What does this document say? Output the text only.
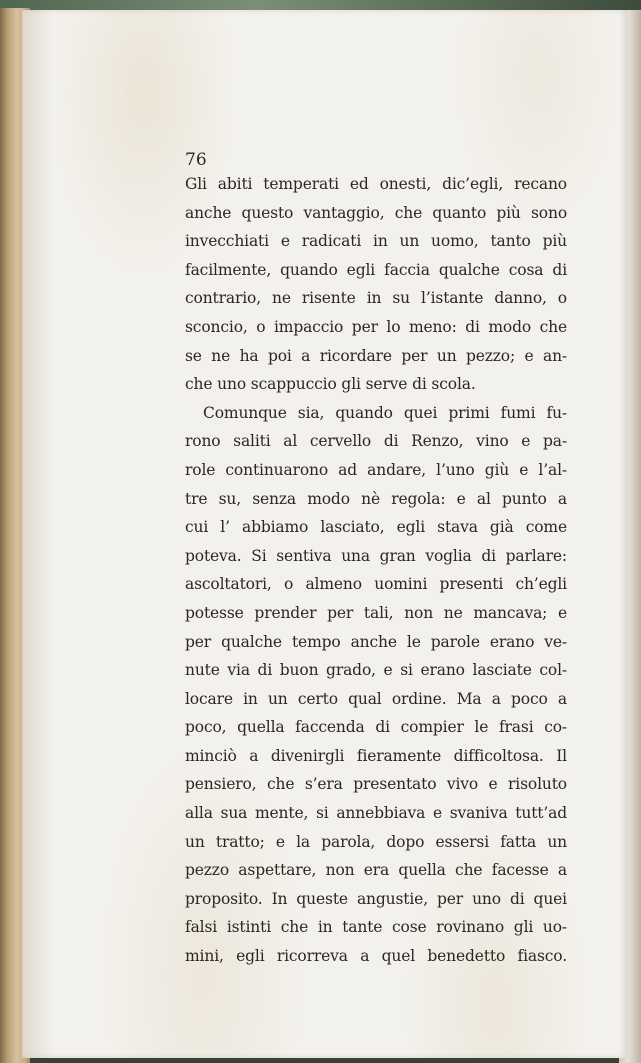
76
Gli abiti temperati ed onesti, dic’egli, recano
anche questo vantaggio, che quanto più sono
invecchiati e radicati in un uomo, tanto più
facilmente, quando egli faccia qualche cosa di
contrario, ne risente in su l’istante danno, o
sconcio, o impaccio per lo meno: di modo che
se ne ha poi a ricordare per un pezzo; e an-
che uno scappuccio gli serve di scola.
Comunque sia, quando quei primi fumi fu-
rono saliti al cervello di Renzo, vino e pa-
role continuarono ad andare, l’uno giù e l’al-
tre su, senza modo nè regola: e al punto a
cui l’ abbiamo lasciato, egli stava già come
poteva. Si sentiva una gran voglia di parlare:
ascoltatori, o almeno uomini presenti ch’egli
potesse prender per tali, non ne mancava; e
per qualche tempo anche le parole erano ve-
nute via di buon grado, e si erano lasciate col-
locare in un certo qual ordine. Ma a poco a
poco, quella faccenda di compier le frasi co-
minciò a divenirgli fieramente difficoltosa. Il
pensiero, che s’era presentato vivo e risoluto
alla sua mente, si annebbiava e svaniva tutt’ad
un tratto; e la parola, dopo essersi fatta un
pezzo aspettare, non era quella che facesse a
proposito. In queste angustie, per uno di quei
falsi istinti che in tante cose rovinano gli uo-
mini, egli ricorreva a quel benedetto fiasco.
